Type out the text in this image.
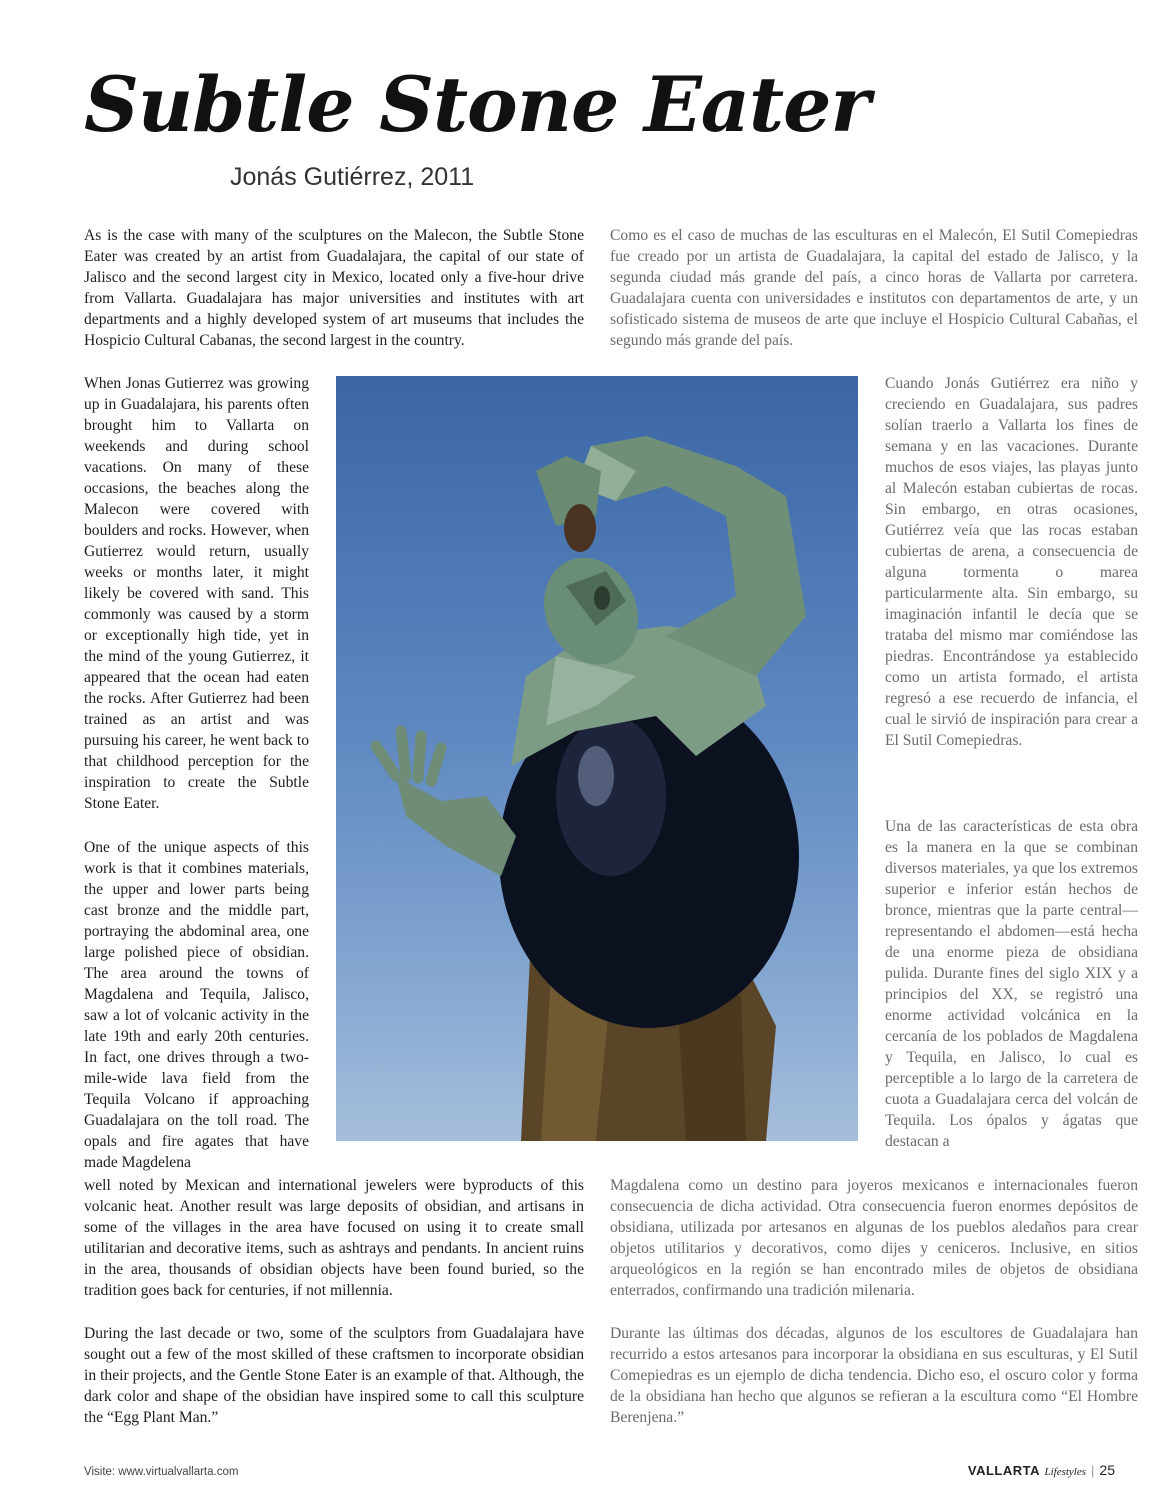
Subtle Stone Eater
Jonás Gutiérrez, 2011

As is the case with many of the sculptures on the Malecon, the Subtle Stone Eater was created by an artist from Guadalajara, the capital of our state of Jalisco and the second largest city in Mexico, located only a five-hour drive from Vallarta. Guadalajara has major universities and institutes with art departments and a highly developed system of art museums that includes the Hospicio Cultural Cabanas, the second largest in the country.

Como es el caso de muchas de las esculturas en el Malecón, El Sutil Comepiedras fue creado por un artista de Guadalajara, la capital del estado de Jalisco, y la segunda ciudad más grande del país, a cinco horas de Vallarta por carretera. Guadalajara cuenta con universidades e institutos con departamentos de arte, y un sofisticado sistema de museos de arte que incluye el Hospicio Cultural Cabañas, el segundo más grande del país.

When Jonas Gutierrez was growing up in Guadalajara, his parents often brought him to Vallarta on weekends and during school vacations. On many of these occasions, the beaches along the Malecon were covered with boulders and rocks. However, when Gutierrez would return, usually weeks or months later, it might likely be covered with sand. This commonly was caused by a storm or exceptionally high tide, yet in the mind of the young Gutierrez, it appeared that the ocean had eaten the rocks. After Gutierrez had been trained as an artist and was pursuing his career, he went back to that childhood perception for the inspiration to create the Subtle Stone Eater.

One of the unique aspects of this work is that it combines materials, the upper and lower parts being cast bronze and the middle part, portraying the abdominal area, one large polished piece of obsidian. The area around the towns of Magdalena and Tequila, Jalisco, saw a lot of volcanic activity in the late 19th and early 20th centuries. In fact, one drives through a two-mile-wide lava field from the Tequila Volcano if approaching Guadalajara on the toll road. The opals and fire agates that have made Magdelena

Cuando Jonás Gutiérrez era niño y creciendo en Guadalajara, sus padres solían traerlo a Vallarta los fines de semana y en las vacaciones. Durante muchos de esos viajes, las playas junto al Malecón estaban cubiertas de rocas. Sin embargo, en otras ocasiones, Gutiérrez veía que las rocas estaban cubiertas de arena, a consecuencia de alguna tormenta o marea particularmente alta. Sin embargo, su imaginación infantil le decía que se trataba del mismo mar comiéndose las piedras. Encontrándose ya establecido como un artista formado, el artista regresó a ese recuerdo de infancia, el cual le sirvió de inspiración para crear a El Sutil Comepiedras.

Una de las características de esta obra es la manera en la que se combinan diversos materiales, ya que los extremos superior e inferior están hechos de bronce, mientras que la parte central—representando el abdomen—está hecha de una enorme pieza de obsidiana pulida. Durante fines del siglo XIX y a principios del XX, se registró una enorme actividad volcánica en la cercanía de los poblados de Magdalena y Tequila, en Jalisco, lo cual es perceptible a lo largo de la carretera de cuota a Guadalajara cerca del volcán de Tequila. Los ópalos y ágatas que destacan a

well noted by Mexican and international jewelers were byproducts of this volcanic heat. Another result was large deposits of obsidian, and artisans in some of the villages in the area have focused on using it to create small utilitarian and decorative items, such as ashtrays and pendants. In ancient ruins in the area, thousands of obsidian objects have been found buried, so the tradition goes back for centuries, if not millennia.

Magdalena como un destino para joyeros mexicanos e internacionales fueron consecuencia de dicha actividad. Otra consecuencia fueron enormes depósitos de obsidiana, utilizada por artesanos en algunas de los pueblos aledaños para crear objetos utilitarios y decorativos, como dijes y ceniceros. Inclusive, en sitios arqueológicos en la región se han encontrado miles de objetos de obsidiana enterrados, confirmando una tradición milenaria.

During the last decade or two, some of the sculptors from Guadalajara have sought out a few of the most skilled of these craftsmen to incorporate obsidian in their projects, and the Gentle Stone Eater is an example of that. Although, the dark color and shape of the obsidian have inspired some to call this sculpture the “Egg Plant Man.”

Durante las últimas dos décadas, algunos de los escultores de Guadalajara han recurrido a estos artesanos para incorporar la obsidiana en sus esculturas, y El Sutil Comepiedras es un ejemplo de dicha tendencia. Dicho eso, el oscuro color y forma de la obsidiana han hecho que algunos se refieran a la escultura como “El Hombre Berenjena.”

Visite: www.virtualvallarta.com	VALLARTA Lifestyles | 25
